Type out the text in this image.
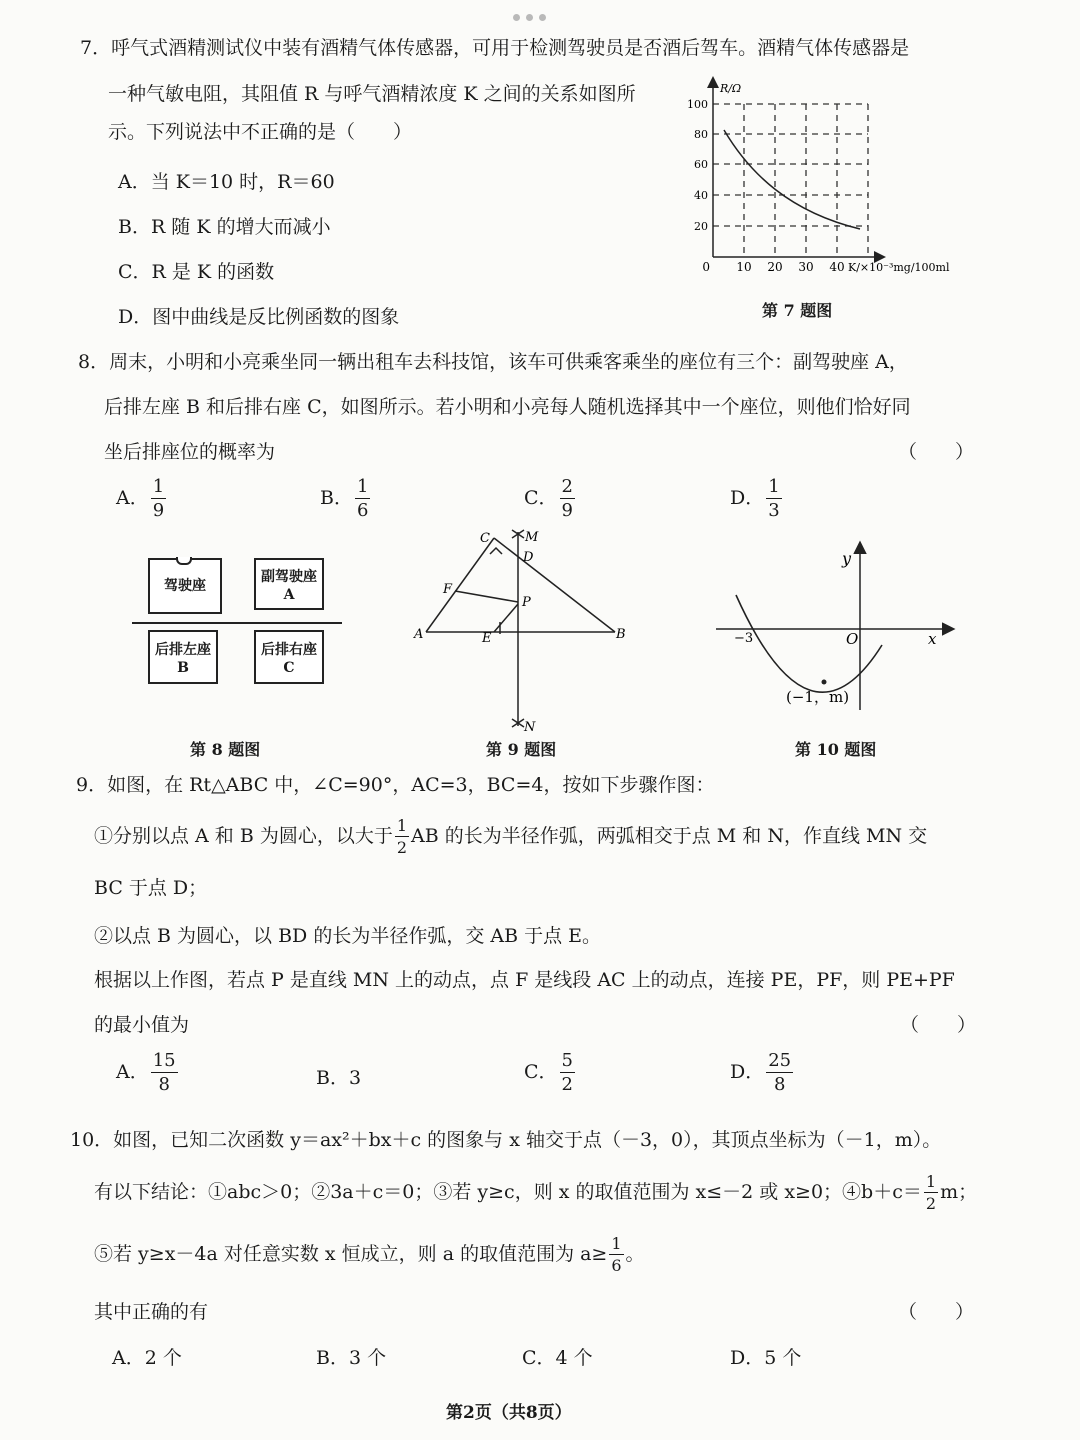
7．呼气式酒精测试仪中装有酒精气体传感器，可用于检测驾驶员是否酒后驾车。酒精气体传感器是
一种气敏电阻，其阻值 R 与呼气酒精浓度 K 之间的关系如图所
示。下列说法中不正确的是（　　）
A．当 K＝10 时，R＝60
B．R 随 K 的增大而减小
C．R 是 K 的函数
D．图中曲线是反比例函数的图象
R/Ω
100
80
60
40
20
0 10 20 30 40 K/×10⁻³mg/100ml
第 7 题图
8．周末，小明和小亮乘坐同一辆出租车去科技馆，该车可供乘客乘坐的座位有三个：副驾驶座 A，
后排左座 B 和后排右座 C，如图所示。若小明和小亮每人随机选择其中一个座位，则他们恰好同
坐后排座位的概率为	（　　）
A． $\frac{1}{9}$	B． $\frac{1}{6}$	C． $\frac{2}{9}$	D． $\frac{1}{3}$
驾驶座
副驾驶座
A
后排左座
B
后排右座
C
第 8 题图
C	M
D
F
P
A	E	B
N
第 9 题图
y
x
O
−3
(−1，m)
第 10 题图
9．如图，在 Rt△ABC 中，∠C=90°，AC=3，BC=4，按如下步骤作图：
①分别以点 A 和 B 为圆心，以大于 $\frac{1}{2}$ AB 的长为半径作弧，两弧相交于点 M 和 N，作直线 MN 交
BC 于点 D；
②以点 B 为圆心，以 BD 的长为半径作弧，交 AB 于点 E。
根据以上作图，若点 P 是直线 MN 上的动点，点 F 是线段 AC 上的动点，连接 PE，PF，则 PE+PF
的最小值为	（　　）
A． $\frac{15}{8}$	B．3	C． $\frac{5}{2}$	D． $\frac{25}{8}$
10．如图，已知二次函数 y＝ax²＋bx＋c 的图象与 x 轴交于点（－3，0），其顶点坐标为（－1，m）。
有以下结论：①abc＞0；②3a＋c＝0；③若 y≥c，则 x 的取值范围为 x≤－2 或 x≥0；④b＋c＝ $\frac{1}{2}$ m；
⑤若 y≥x－4a 对任意实数 x 恒成立，则 a 的取值范围为 $a\ge \frac{1}{6}$ 。
其中正确的有	（　　）
A．2 个	B．3 个	C．4 个	D．5 个
第2页（共8页）
